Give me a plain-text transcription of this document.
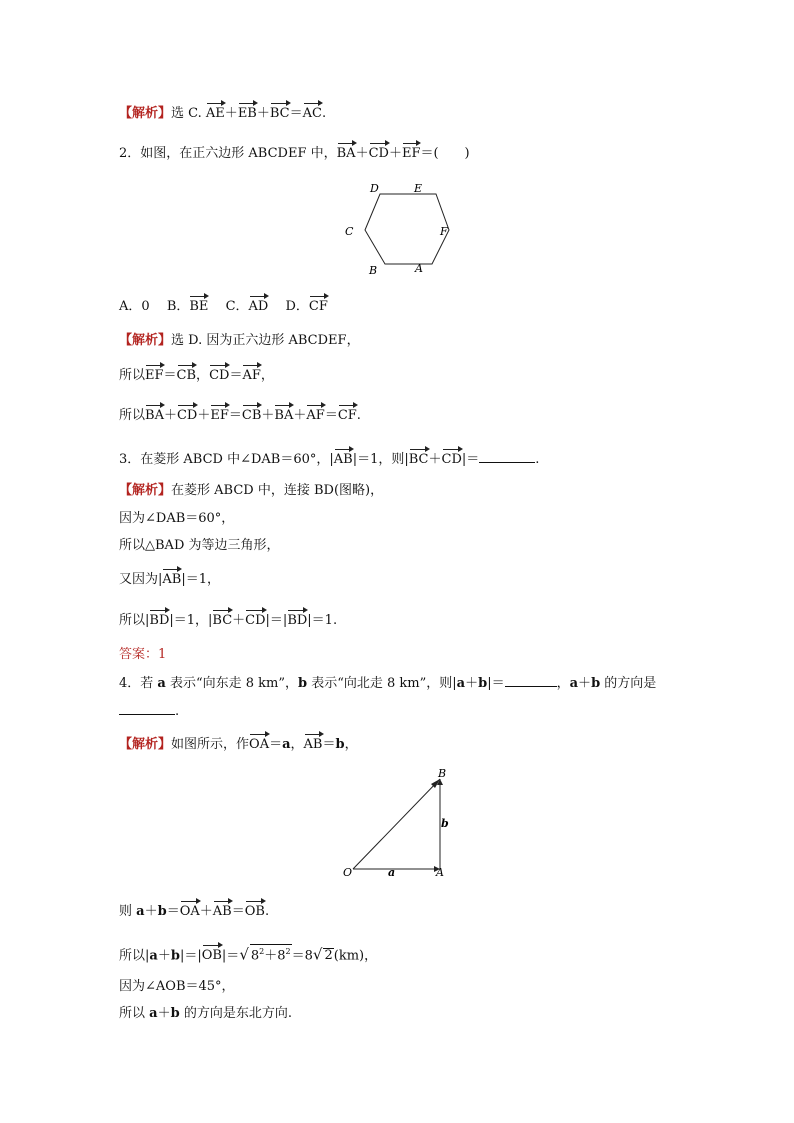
【解析】选 C. AE＋EB＋BC＝AC.
2．如图，在正六边形 ABCDEF 中，BA＋CD＋EF＝(　　)
D	E
C	F
B	A
A．0  B．BE  C．AD  D．CF
【解析】选 D. 因为正六边形 ABCDEF，
所以EF＝CB，CD＝AF，
所以BA＋CD＋EF＝CB＋BA＋AF＝CF.
3．在菱形 ABCD 中∠DAB＝60°，|AB|＝1，则|BC＋CD|＝	.
【解析】在菱形 ABCD 中，连接 BD(图略)，
因为∠DAB＝60°，
所以△BAD 为等边三角形，
又因为|AB|＝1，
所以|BD|＝1，|BC＋CD|＝|BD|＝1.
答案：1
4．若 a 表示“向东走 8 km”，b 表示“向北走 8 km”，则|a＋b|＝	，a＋b 的方向是
.
【解析】如图所示，作OA＝a，AB＝b，
B
O	A
a
b
则 a＋b＝OA＋AB＝OB.
所以|a＋b|＝|OB|＝√ $8^2+8^2=8√$ 2(km)，
因为∠AOB＝45°，
所以 a＋b 的方向是东北方向.
